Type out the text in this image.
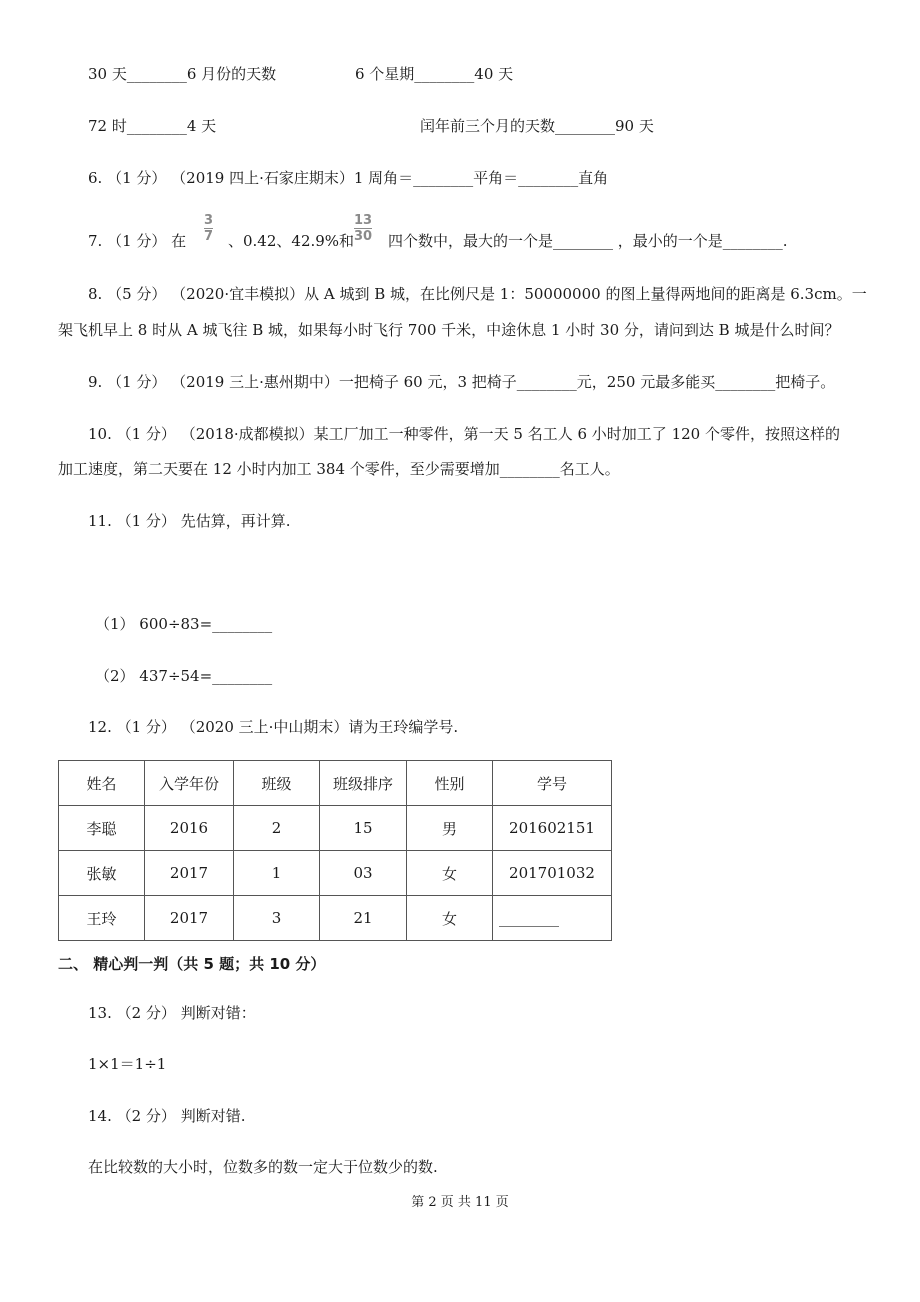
30 天________6 月份的天数	6 个星期________40 天
72 时________4 天	闰年前三个月的天数________90 天
6. （1 分） （2019 四上·石家庄期末）1 周角＝________平角＝________直角
7. （1 分） 在
3
7 、0.42、42.9%和
13
30 四个数中，最大的一个是________ ，最小的一个是________.
8. （5 分） （2020·宜丰模拟）从 A 城到 B 城，在比例尺是 1：50000000 的图上量得两地间的距离是 6.3cm。一
架飞机早上 8 时从 A 城飞往 B 城，如果每小时飞行 700 千米，中途休息 1 小时 30 分，请问到达 B 城是什么时间？
9. （1 分） （2019 三上·惠州期中）一把椅子 60 元，3 把椅子________元，250 元最多能买________把椅子。
10. （1 分） （2018·成都模拟）某工厂加工一种零件，第一天 5 名工人 6 小时加工了 120 个零件，按照这样的
加工速度，第二天要在 12 小时内加工 384 个零件，至少需要增加________名工人。
11. （1 分） 先估算，再计算.
（1） 600÷83=________
（2） 437÷54=________
12. （1 分） （2020 三上·中山期末）请为王玲编学号.
姓名	入学年份	班级	班级排序	性别	学号
李聪	2016	2	15	男	201602151
张敏	2017	1	03	女	201701032
王玲	2017	3	21	女	________
二、 精心判一判（共 5 题；共 10 分）
13. （2 分） 判断对错：
1×1＝1÷1
14. （2 分） 判断对错.
在比较数的大小时，位数多的数一定大于位数少的数.
第 2 页 共 11 页
